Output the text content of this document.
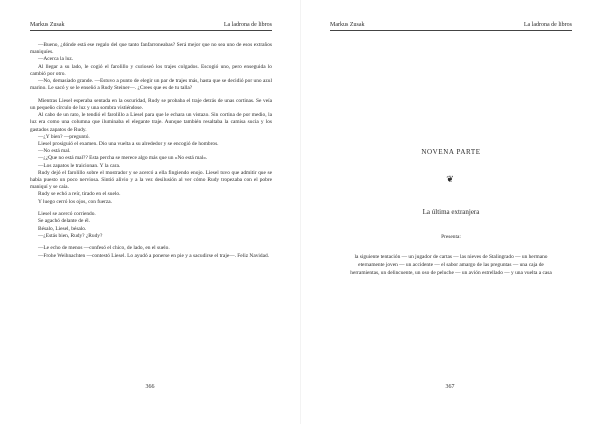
Markus Zusak	La ladrona de libros

—Bueno, ¿dónde está ese regalo del que tanto fanfarroneabas? Será mejor que no sea uno de esos extraños maniquíes.

—Acerca la luz.

Al llegar a su lado, le cogió el farolillo y curioseó los trajes colgados. Escogió uno, pero enseguida lo cambió por otro.

—No, demasiado grande. —Estuvo a punto de elegir un par de trajes más, hasta que se decidió por uno azul marino. Le sacó y se le enseñó a Rudy Steiner—. ¿Crees que es de tu talla?

Mientras Liesel esperaba sentada en la oscuridad, Rudy se probaba el traje detrás de unas cortinas. Se veía un pequeño círculo de luz y una sombra vistiéndose.

Al cabo de un rato, le tendió el farolillo a Liesel para que le echara un vistazo. Sin cortina de por medio, la luz era como una columna que iluminaba el elegante traje. Aunque también resaltaba la camisa sucia y los gastados zapatos de Rudy.

—¿Y bien? —preguntó.

Liesel prosiguió el examen. Dio una vuelta a su alrededor y se encogió de hombros.

—No está mal.

—¿¿Que no está mal?? Esta percha se merece algo más que un «No está mal».

—Los zapatos le traicionan. Y la cara.

Rudy dejó el farolillo sobre el mostrador y se acercó a ella fingiendo enojo. Liesel tuvo que admitir que se había puesto un poco nerviosa. Sintió alivio y a la vez desilusión al ver cómo Rudy tropezaba con el pobre maniquí y se caía.

Rudy se echó a reír, tirado en el suelo.

Y luego cerró los ojos, con fuerza.

Liesel se acercó corriendo.

Se agachó delante de él.

Bésalo, Liesel, bésalo.

—¿Estás bien, Rudy? ¿Rudy?

—Le echo de menos —confesó el chico, de lado, en el suelo.

—Frohe Weihnachten —contestó Liesel. Lo ayudó a ponerse en pie y a sacudirse el traje—. Feliz Navidad.

366
Markus Zusak	La ladrona de libros
NOVENA PARTE
❦
La última extranjera
Presenta:
la siguiente tentación — un jugador de cartas — las nieves de Stalingrado — un hermano eternamente joven — un accidente — el sabor amargo de las preguntas — una caja de herramientas, un delincuente, un oso de peluche — un avión estrellado — y una vuelta a casa
367
